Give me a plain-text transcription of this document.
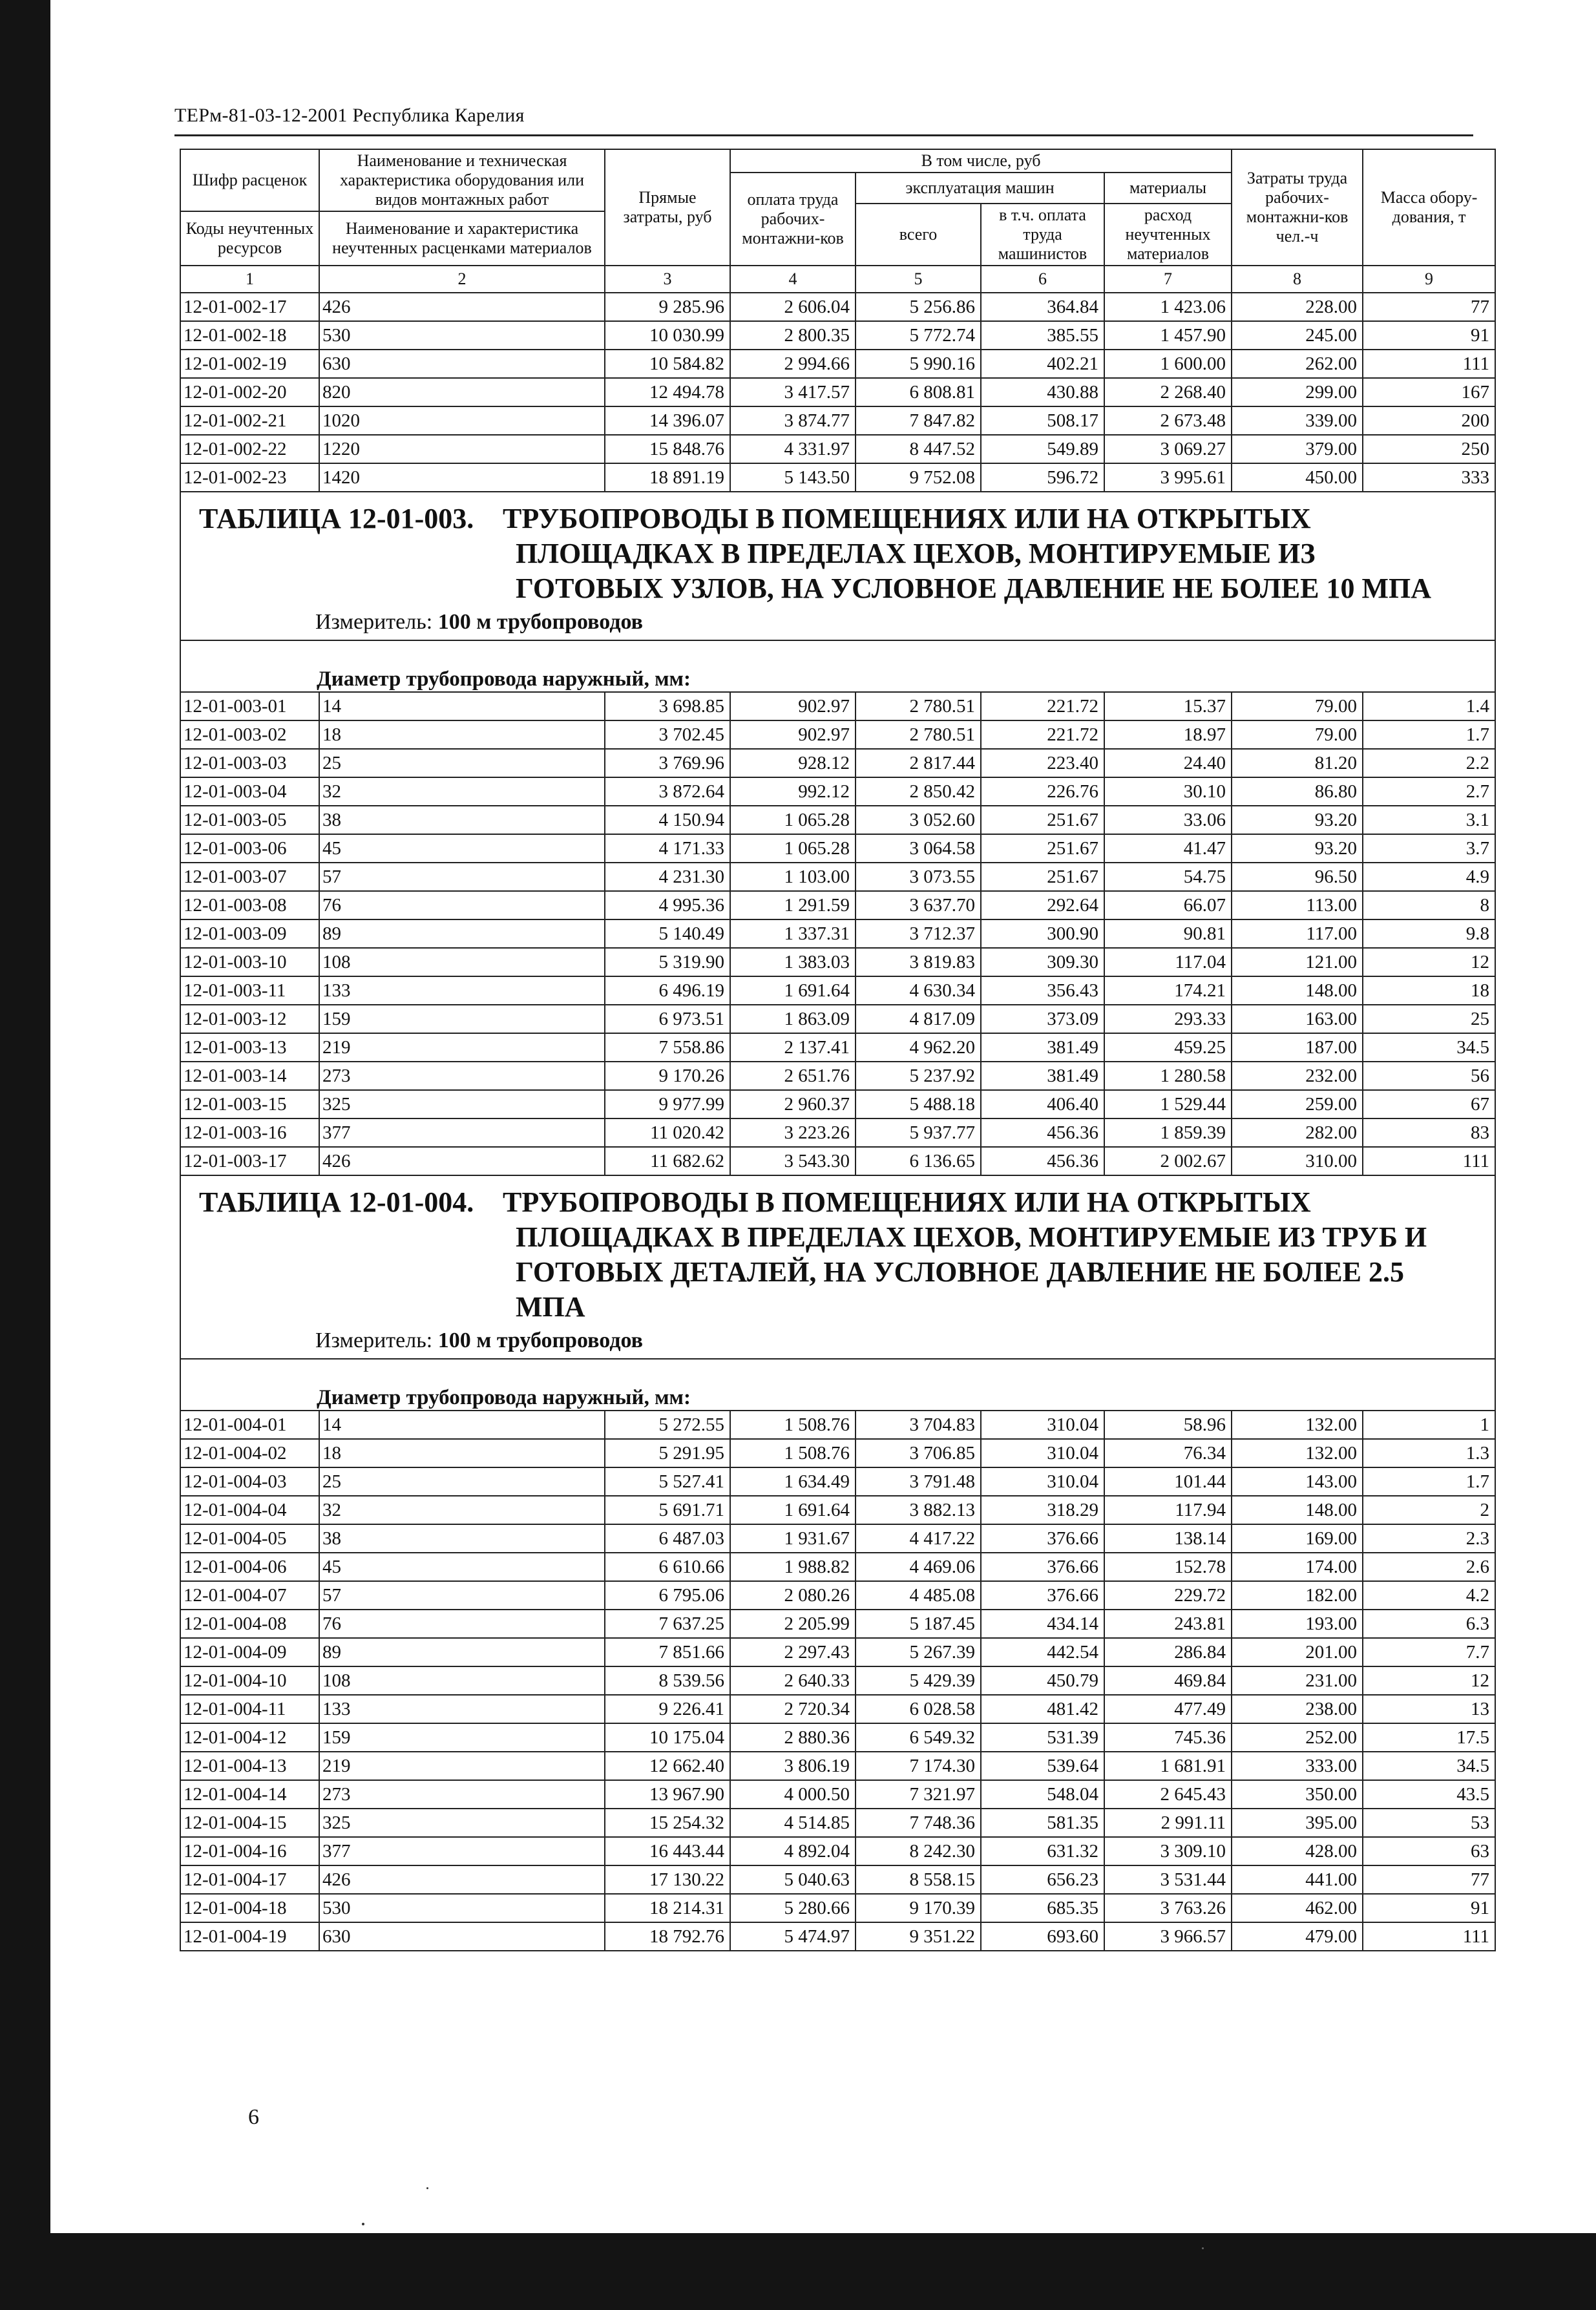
ТЕРм-81-03-12-2001 Республика Карелия
Шифр расценок	Наименование и техническая характеристика оборудования или видов монтажных работ	Прямые затраты, руб	В том числе, руб				Затраты труда рабочих-монтажни-ков чел.-ч	Масса обору-дования, т
			оплата труда рабочих-монтажни-ков	эксплуатация машин		материалы		
				всего	в т.ч. оплата труда машинистов	расход неучтенных материалов		
Коды неучтенных ресурсов	Наименование и характеристика неучтенных расценками материалов							

1	2	3	4	5	6	7	8	9
12-01-002-17	426	9 285.96	2 606.04	5 256.86	364.84	1 423.06	228.00	77
12-01-002-18	530	10 030.99	2 800.35	5 772.74	385.55	1 457.90	245.00	91
12-01-002-19	630	10 584.82	2 994.66	5 990.16	402.21	1 600.00	262.00	111
12-01-002-20	820	12 494.78	3 417.57	6 808.81	430.88	2 268.40	299.00	167
12-01-002-21	1020	14 396.07	3 874.77	7 847.82	508.17	2 673.48	339.00	200
12-01-002-22	1220	15 848.76	4 331.97	8 447.52	549.89	3 069.27	379.00	250
12-01-002-23	1420	18 891.19	5 143.50	9 752.08	596.72	3 995.61	450.00	333

ТАБЛИЦА 12-01-003. ТРУБОПРОВОДЫ В ПОМЕЩЕНИЯХ ИЛИ НА ОТКРЫТЫХ
ПЛОЩАДКАХ В ПРЕДЕЛАХ ЦЕХОВ, МОНТИРУЕМЫЕ ИЗ
ГОТОВЫХ УЗЛОВ, НА УСЛОВНОЕ ДАВЛЕНИЕ НЕ БОЛЕЕ 10 МПА
Измеритель: 100 м трубопроводов								

Диаметр трубопровода наружный, мм:								
12-01-003-01	14	3 698.85	902.97	2 780.51	221.72	15.37	79.00	1.4
12-01-003-02	18	3 702.45	902.97	2 780.51	221.72	18.97	79.00	1.7
12-01-003-03	25	3 769.96	928.12	2 817.44	223.40	24.40	81.20	2.2
12-01-003-04	32	3 872.64	992.12	2 850.42	226.76	30.10	86.80	2.7
12-01-003-05	38	4 150.94	1 065.28	3 052.60	251.67	33.06	93.20	3.1
12-01-003-06	45	4 171.33	1 065.28	3 064.58	251.67	41.47	93.20	3.7
12-01-003-07	57	4 231.30	1 103.00	3 073.55	251.67	54.75	96.50	4.9
12-01-003-08	76	4 995.36	1 291.59	3 637.70	292.64	66.07	113.00	8
12-01-003-09	89	5 140.49	1 337.31	3 712.37	300.90	90.81	117.00	9.8
12-01-003-10	108	5 319.90	1 383.03	3 819.83	309.30	117.04	121.00	12
12-01-003-11	133	6 496.19	1 691.64	4 630.34	356.43	174.21	148.00	18
12-01-003-12	159	6 973.51	1 863.09	4 817.09	373.09	293.33	163.00	25
12-01-003-13	219	7 558.86	2 137.41	4 962.20	381.49	459.25	187.00	34.5
12-01-003-14	273	9 170.26	2 651.76	5 237.92	381.49	1 280.58	232.00	56
12-01-003-15	325	9 977.99	2 960.37	5 488.18	406.40	1 529.44	259.00	67
12-01-003-16	377	11 020.42	3 223.26	5 937.77	456.36	1 859.39	282.00	83
12-01-003-17	426	11 682.62	3 543.30	6 136.65	456.36	2 002.67	310.00	111

ТАБЛИЦА 12-01-004. ТРУБОПРОВОДЫ В ПОМЕЩЕНИЯХ ИЛИ НА ОТКРЫТЫХ
ПЛОЩАДКАХ В ПРЕДЕЛАХ ЦЕХОВ, МОНТИРУЕМЫЕ ИЗ ТРУБ И
ГОТОВЫХ ДЕТАЛЕЙ, НА УСЛОВНОЕ ДАВЛЕНИЕ НЕ БОЛЕЕ 2.5
МПА
Измеритель: 100 м трубопроводов								

Диаметр трубопровода наружный, мм:								
12-01-004-01	14	5 272.55	1 508.76	3 704.83	310.04	58.96	132.00	1
12-01-004-02	18	5 291.95	1 508.76	3 706.85	310.04	76.34	132.00	1.3
12-01-004-03	25	5 527.41	1 634.49	3 791.48	310.04	101.44	143.00	1.7
12-01-004-04	32	5 691.71	1 691.64	3 882.13	318.29	117.94	148.00	2
12-01-004-05	38	6 487.03	1 931.67	4 417.22	376.66	138.14	169.00	2.3
12-01-004-06	45	6 610.66	1 988.82	4 469.06	376.66	152.78	174.00	2.6
12-01-004-07	57	6 795.06	2 080.26	4 485.08	376.66	229.72	182.00	4.2
12-01-004-08	76	7 637.25	2 205.99	5 187.45	434.14	243.81	193.00	6.3
12-01-004-09	89	7 851.66	2 297.43	5 267.39	442.54	286.84	201.00	7.7
12-01-004-10	108	8 539.56	2 640.33	5 429.39	450.79	469.84	231.00	12
12-01-004-11	133	9 226.41	2 720.34	6 028.58	481.42	477.49	238.00	13
12-01-004-12	159	10 175.04	2 880.36	6 549.32	531.39	745.36	252.00	17.5
12-01-004-13	219	12 662.40	3 806.19	7 174.30	539.64	1 681.91	333.00	34.5
12-01-004-14	273	13 967.90	4 000.50	7 321.97	548.04	2 645.43	350.00	43.5
12-01-004-15	325	15 254.32	4 514.85	7 748.36	581.35	2 991.11	395.00	53
12-01-004-16	377	16 443.44	4 892.04	8 242.30	631.32	3 309.10	428.00	63
12-01-004-17	426	17 130.22	5 040.63	8 558.15	656.23	3 531.44	441.00	77
12-01-004-18	530	18 214.31	5 280.66	9 170.39	685.35	3 763.26	462.00	91
12-01-004-19	630	18 792.76	5 474.97	9 351.22	693.60	3 966.57	479.00	111
6
